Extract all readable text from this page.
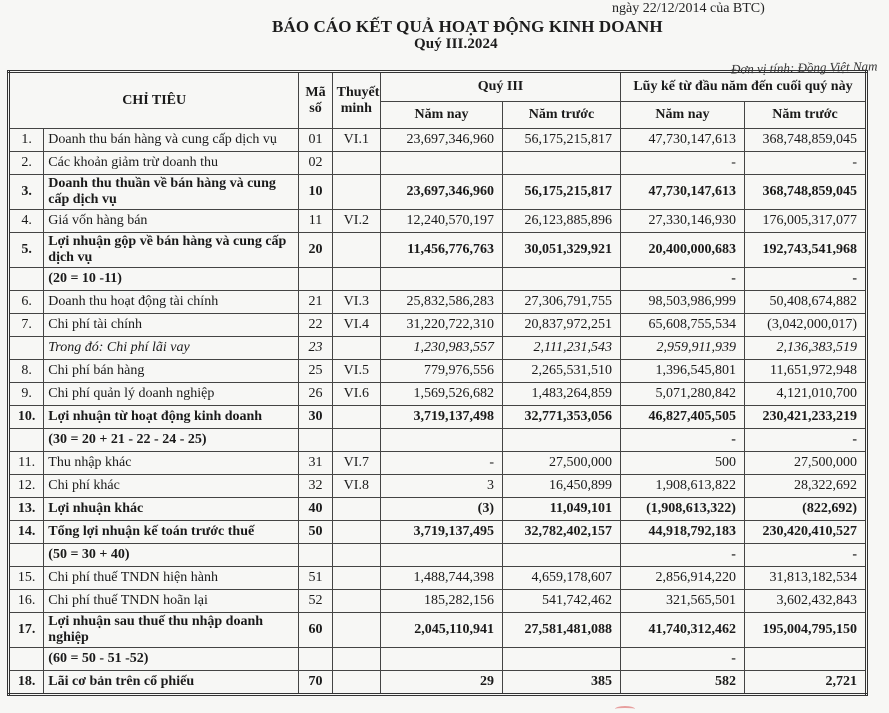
ngày 22/12/2014 của BTC)
BÁO CÁO KẾT QUẢ HOẠT ĐỘNG KINH DOANH
Quý III.2024
Đơn vị tính: Đồng Việt Nam
CHỈ TIÊU		Mã số	Thuyết minh	Quý III		Lũy kế từ đầu năm đến cuối quý này	
				Năm nay	Năm trước	Năm nay	Năm trước
1.	Doanh thu bán hàng và cung cấp dịch vụ	01	VI.1	23,697,346,960	56,175,215,817	47,730,147,613	368,748,859,045
2.	Các khoản giảm trừ doanh thu	02				-	-
3.	Doanh thu thuần về bán hàng và cung cấp dịch vụ	10		23,697,346,960	56,175,215,817	47,730,147,613	368,748,859,045
4.	Giá vốn hàng bán	11	VI.2	12,240,570,197	26,123,885,896	27,330,146,930	176,005,317,077
5.	Lợi nhuận gộp về bán hàng và cung cấp dịch vụ	20		11,456,776,763	30,051,329,921	20,400,000,683	192,743,541,968
	(20 = 10 -11)					-	-
6.	Doanh thu hoạt động tài chính	21	VI.3	25,832,586,283	27,306,791,755	98,503,986,999	50,408,674,882
7.	Chi phí tài chính	22	VI.4	31,220,722,310	20,837,972,251	65,608,755,534	(3,042,000,017)
	Trong đó: Chi phí lãi vay	23		1,230,983,557	2,111,231,543	2,959,911,939	2,136,383,519
8.	Chi phí bán hàng	25	VI.5	779,976,556	2,265,531,510	1,396,545,801	11,651,972,948
9.	Chi phí quản lý doanh nghiệp	26	VI.6	1,569,526,682	1,483,264,859	5,071,280,842	4,121,010,700
10.	Lợi nhuận từ hoạt động kinh doanh	30		3,719,137,498	32,771,353,056	46,827,405,505	230,421,233,219
	(30 = 20 + 21 - 22 - 24 - 25)					-	-
11.	Thu nhập khác	31	VI.7	-	27,500,000	500	27,500,000
12.	Chi phí khác	32	VI.8	3	16,450,899	1,908,613,822	28,322,692
13.	Lợi nhuận khác	40		(3)	11,049,101	(1,908,613,322)	(822,692)
14.	Tổng lợi nhuận kế toán trước thuế	50		3,719,137,495	32,782,402,157	44,918,792,183	230,420,410,527
	(50 = 30 + 40)					-	-
15.	Chi phí thuế TNDN hiện hành	51		1,488,744,398	4,659,178,607	2,856,914,220	31,813,182,534
16.	Chi phí thuế TNDN hoãn lại	52		185,282,156	541,742,462	321,565,501	3,602,432,843
17.	Lợi nhuận sau thuế thu nhập doanh nghiệp	60		2,045,110,941	27,581,481,088	41,740,312,462	195,004,795,150
	(60 = 50 - 51 -52)					-	
18.	Lãi cơ bản trên cổ phiếu	70		29	385	582	2,721
